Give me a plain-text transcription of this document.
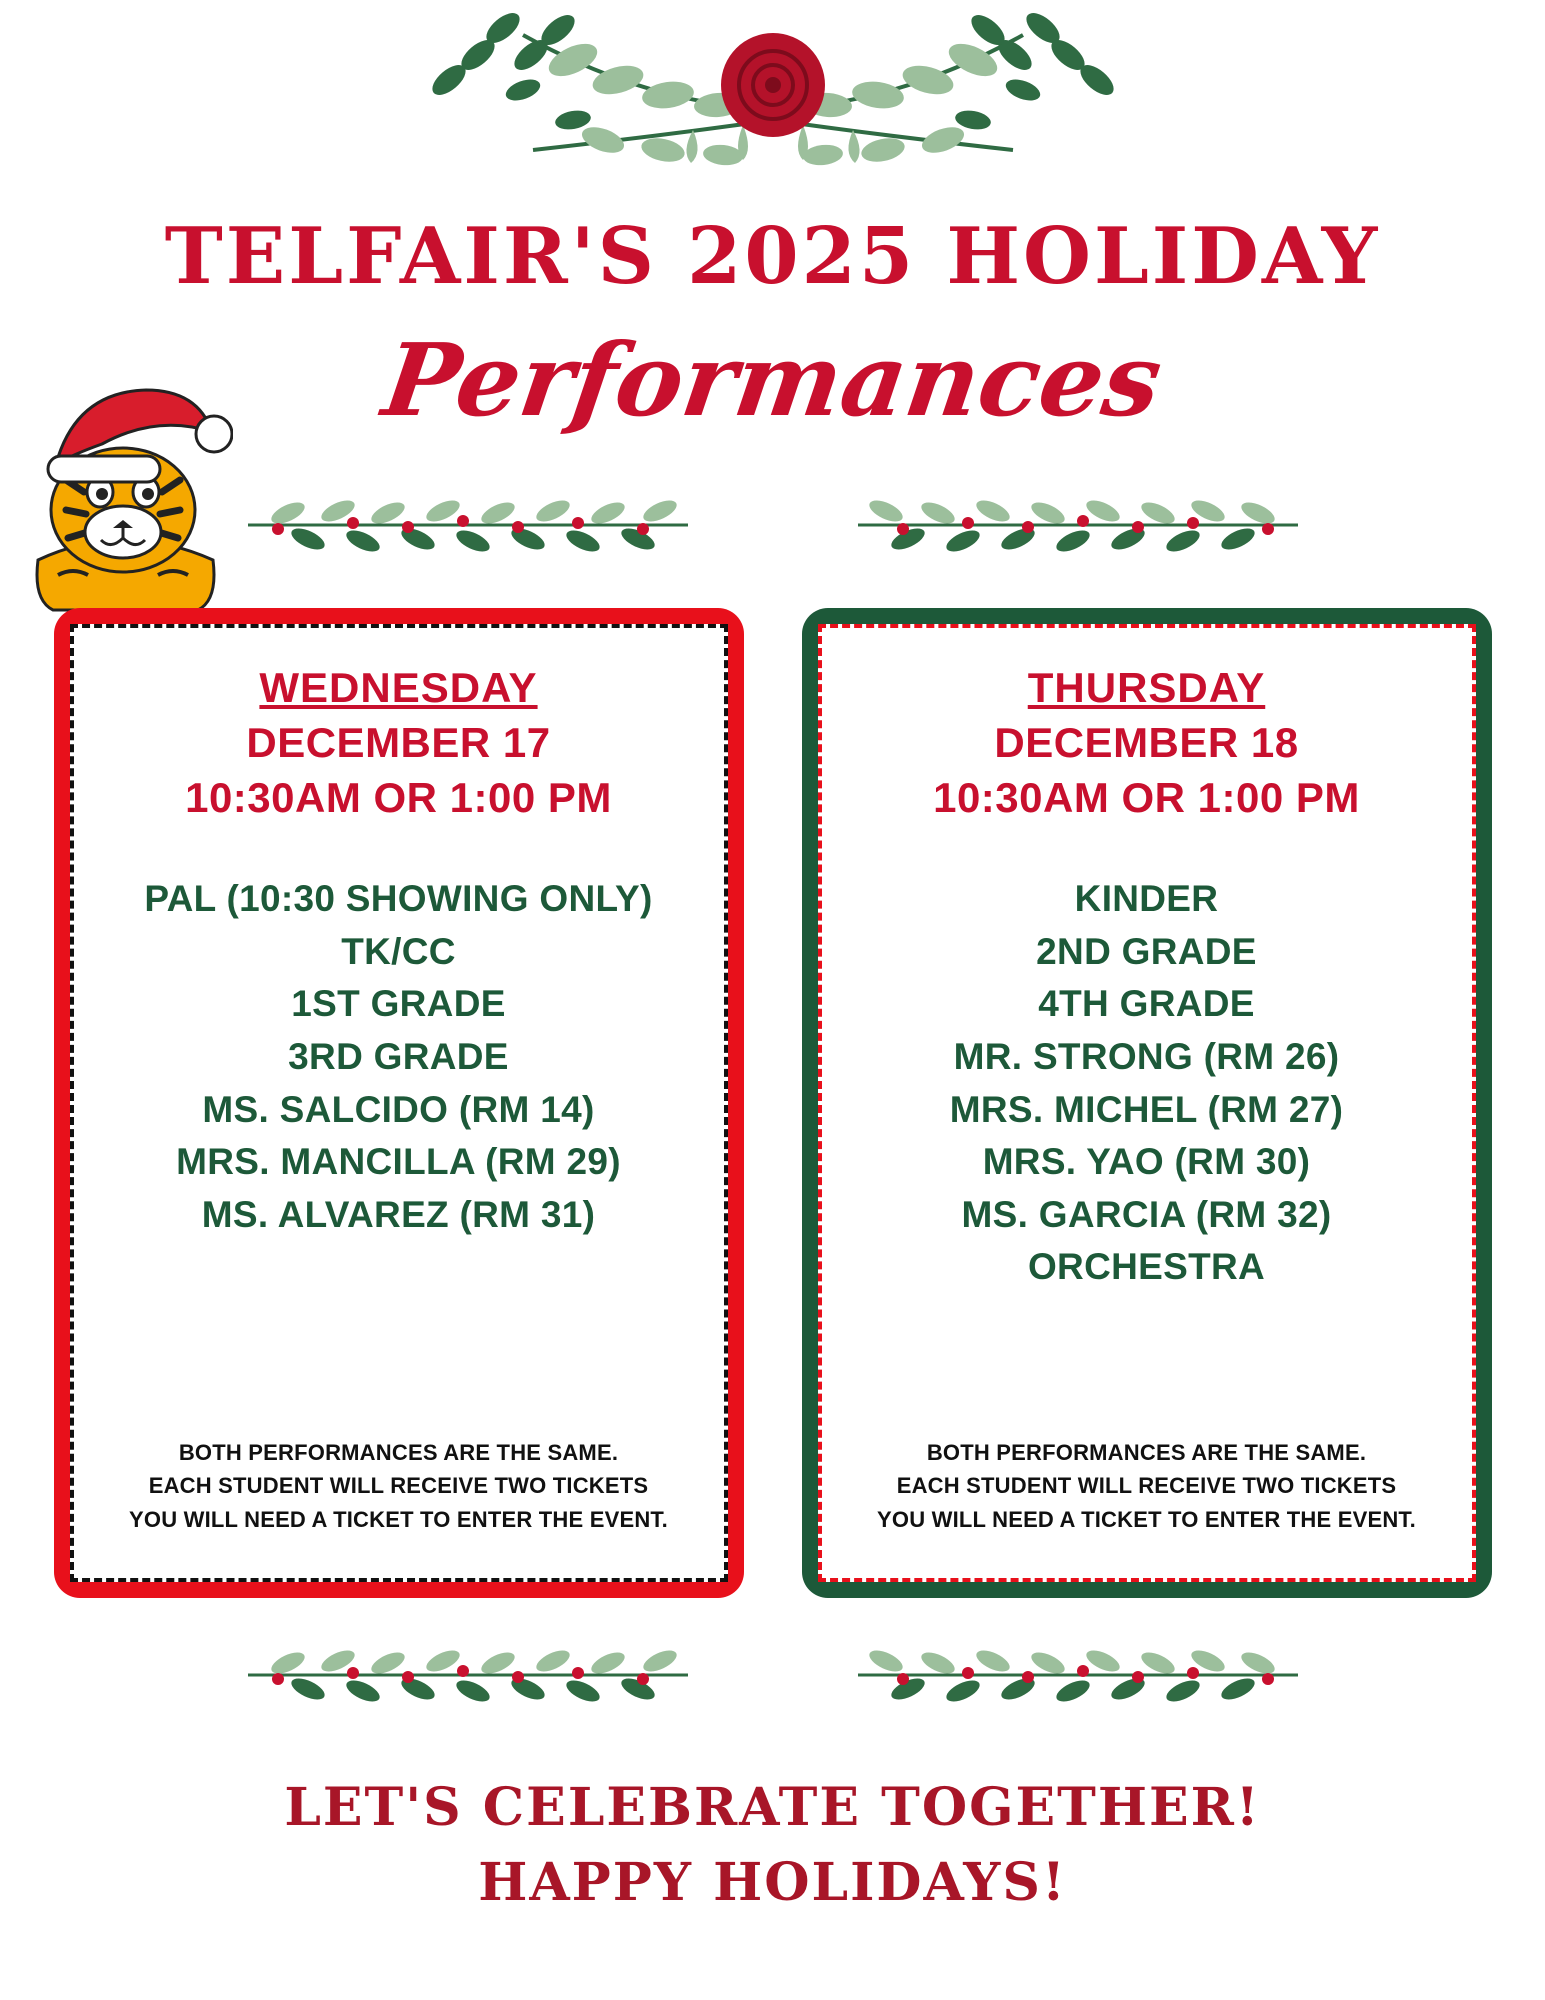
TELFAIR'S 2025 HOLIDAY
Performances
WEDNESDAY
DECEMBER 17
10:30AM OR 1:00 PM
PAL (10:30 SHOWING ONLY)
TK/CC
1ST GRADE
3RD GRADE
MS. SALCIDO (RM 14)
MRS. MANCILLA (RM 29)
MS. ALVAREZ (RM 31)
BOTH PERFORMANCES ARE THE SAME.
EACH STUDENT WILL RECEIVE TWO TICKETS
YOU WILL NEED A TICKET TO ENTER THE EVENT.
THURSDAY
DECEMBER 18
10:30AM OR 1:00 PM
KINDER
2ND GRADE
4TH GRADE
MR. STRONG (RM 26)
MRS. MICHEL (RM 27)
MRS. YAO (RM 30)
MS. GARCIA (RM 32)
ORCHESTRA
BOTH PERFORMANCES ARE THE SAME.
EACH STUDENT WILL RECEIVE TWO TICKETS
YOU WILL NEED A TICKET TO ENTER THE EVENT.
LET'S CELEBRATE TOGETHER!
HAPPY HOLIDAYS!
